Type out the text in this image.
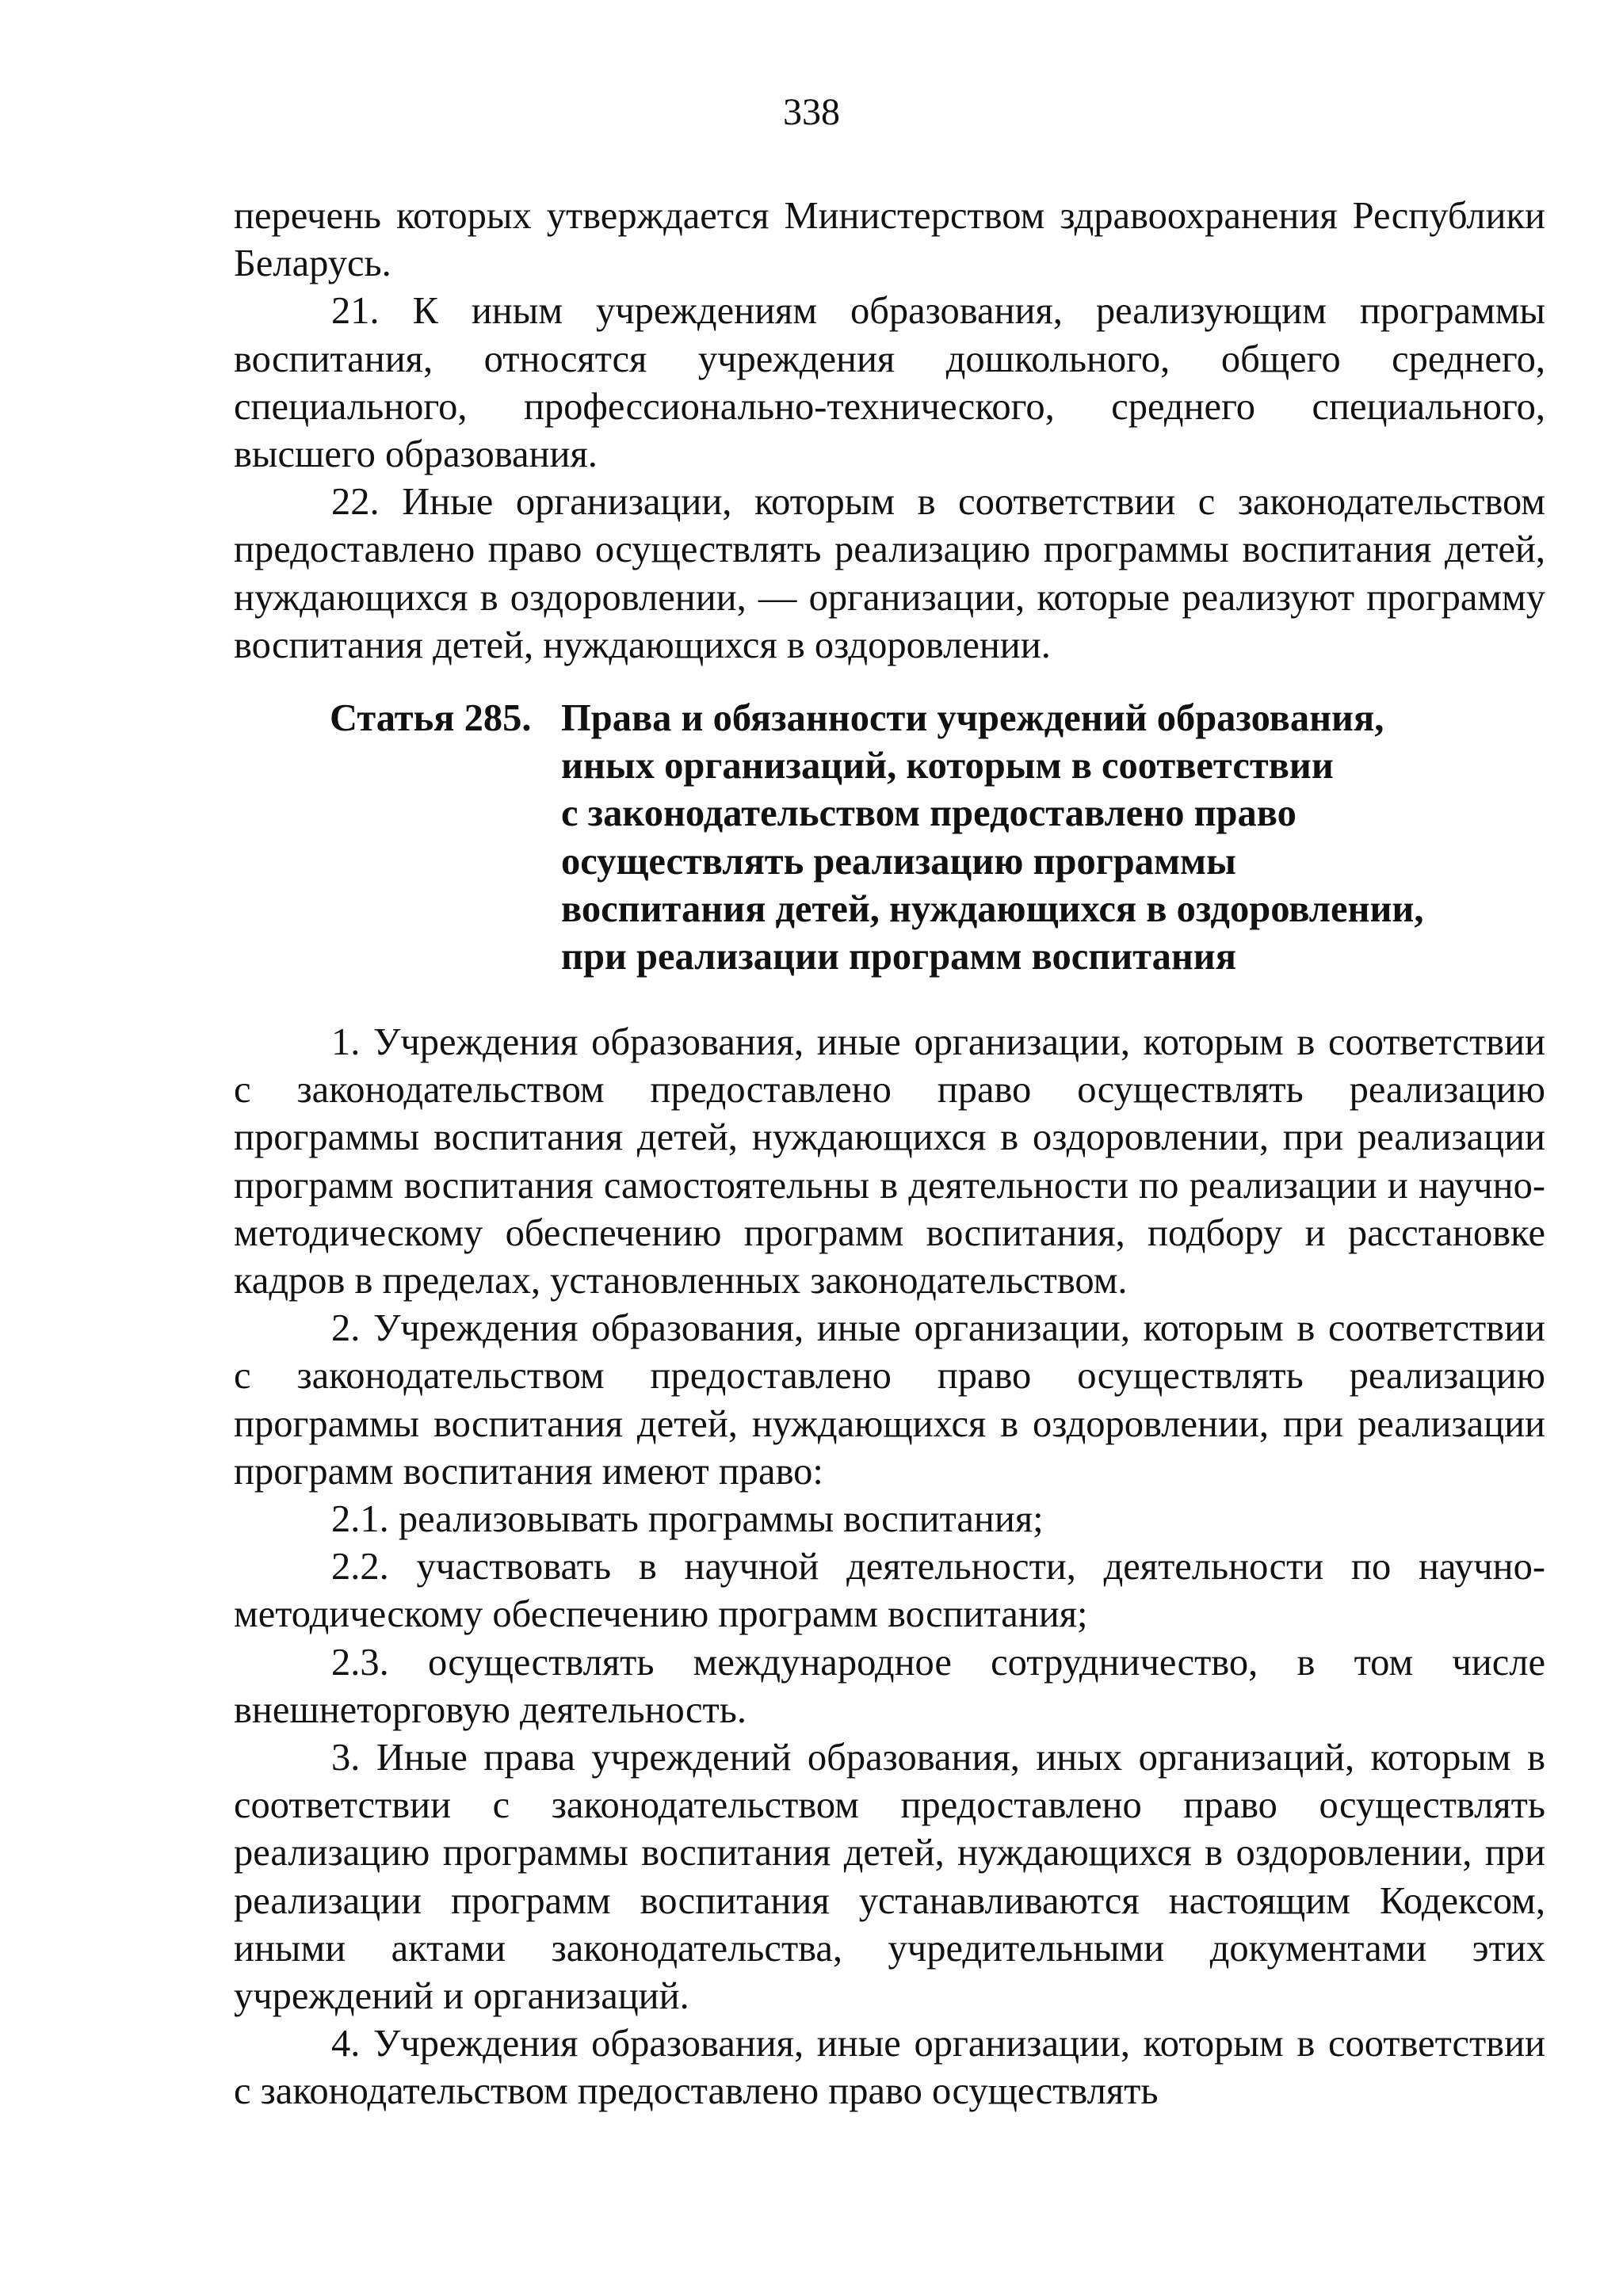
338

перечень которых утверждается Министерством здравоохранения Республики Беларусь.

21. К иным учреждениям образования, реализующим программы воспитания, относятся учреждения дошкольного, общего среднего, специального, профессионально-технического, среднего специального, высшего образования.

22. Иные организации, которым в соответствии с законодательством предоставлено право осуществлять реализацию программы воспитания детей, нуждающихся в оздоровлении, — организации, которые реализуют программу воспитания детей, нуждающихся в оздоровлении.

Статья 285. Права и обязанности учреждений образования,
иных организаций, которым в соответствии
с законодательством предоставлено право
осуществлять реализацию программы
воспитания детей, нуждающихся в оздоровлении,
при реализации программ воспитания

1. Учреждения образования, иные организации, которым в соответствии с законодательством предоставлено право осуществлять реализацию программы воспитания детей, нуждающихся в оздоровлении, при реализации программ воспитания самостоятельны в деятельности по реализации и научно-методическому обеспечению программ воспитания, подбору и расстановке кадров в пределах, установленных законодательством.

2. Учреждения образования, иные организации, которым в соответствии с законодательством предоставлено право осуществлять реализацию программы воспитания детей, нуждающихся в оздоровлении, при реализации программ воспитания имеют право:

2.1. реализовывать программы воспитания;

2.2. участвовать в научной деятельности, деятельности по научно-методическому обеспечению программ воспитания;

2.3. осуществлять международное сотрудничество, в том числе внешнеторговую деятельность.

3. Иные права учреждений образования, иных организаций, которым в соответствии с законодательством предоставлено право осуществлять реализацию программы воспитания детей, нуждающихся в оздоровлении, при реализации программ воспитания устанавливаются настоящим Кодексом, иными актами законодательства, учредительными документами этих учреждений и организаций.

4. Учреждения образования, иные организации, которым в соответствии с законодательством предоставлено право осуществлять
